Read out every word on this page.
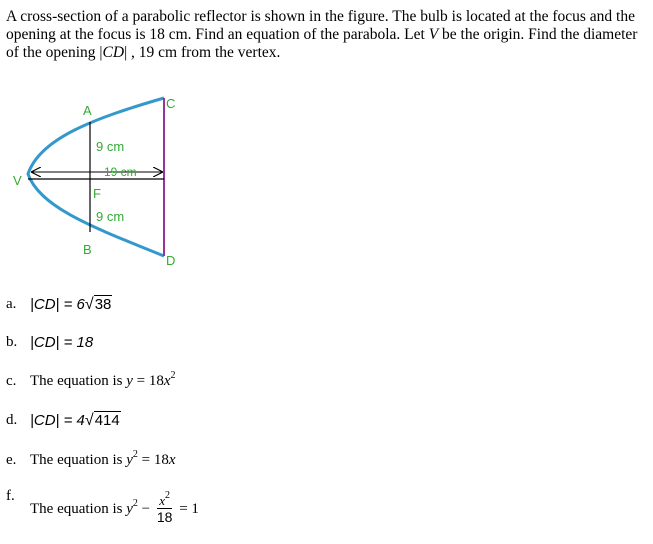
A cross-section of a parabolic reflector is shown in the figure. The bulb is located at the focus and the opening at the focus is 18 cm. Find an equation of the parabola. Let V be the origin. Find the diameter of the opening |CD| , 19 cm from the vertex.
A
B
C
D
V
F
9 cm
19 cm
9 cm
a. |CD| = 6√38
b. |CD| = 18
c. The equation is $y = 18x^2$
d. |CD| = 4√414
e. The equation is $y^2 = 18x$
f.
The equation is $y^2 - \frac{x^2}{18} = 1$
